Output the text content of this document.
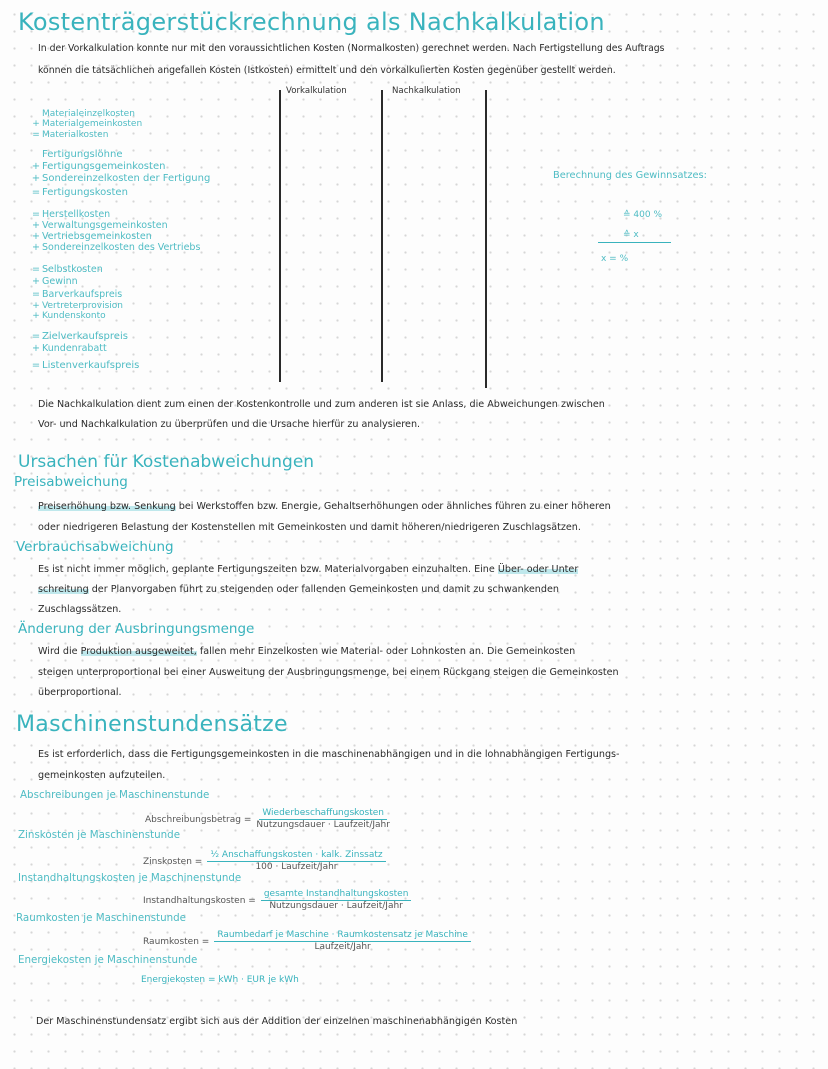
Kostenträgerstückrechnung als Nachkalkulation
In der Vorkalkulation konnte nur mit den voraussichtlichen Kosten (Normalkosten) gerechnet werden. Nach Fertigstellung des Auftrags
können die tatsächlichen angefallen Kosten (Istkosten) ermittelt und den vorkalkulierten Kosten gegenüber gestellt werden.
Vorkalkulation	Nachkalkulation
Materialeinzelkosten
+ Materialgemeinkosten
= Materialkosten
Fertigungslöhne
+ Fertigungsgemeinkosten
+ Sondereinzelkosten der Fertigung
= Fertigungskosten
= Herstellkosten
+ Verwaltungsgemeinkosten
+ Vertriebsgemeinkosten
+ Sondereinzelkosten des Vertriebs
= Selbstkosten
+ Gewinn
= Barverkaufspreis
+ Vertreterprovision
+ Kundenskonto
= Zielverkaufspreis
+ Kundenrabatt
= Listenverkaufspreis
Berechnung des Gewinnsatzes:
≙ 400 %
≙ x
x = %
Die Nachkalkulation dient zum einen der Kostenkontrolle und zum anderen ist sie Anlass, die Abweichungen zwischen
Vor- und Nachkalkulation zu überprüfen und die Ursache hierfür zu analysieren.
Ursachen für Kostenabweichungen
Preisabweichung
Preiserhöhung bzw. Senkung bei Werkstoffen bzw. Energie, Gehaltserhöhungen oder ähnliches führen zu einer höheren
oder niedrigeren Belastung der Kostenstellen mit Gemeinkosten und damit höheren/niedrigeren Zuschlagsätzen.
Verbrauchsabweichung
Es ist nicht immer möglich, geplante Fertigungszeiten bzw. Materialvorgaben einzuhalten. Eine Über- oder Unter
schreitung der Planvorgaben führt zu steigenden oder fallenden Gemeinkosten und damit zu schwankenden
Zuschlagssätzen.
Änderung der Ausbringungsmenge
Wird die Produktion ausgeweitet, fallen mehr Einzelkosten wie Material- oder Lohnkosten an. Die Gemeinkosten
steigen unterproportional bei einer Ausweitung der Ausbringungsmenge, bei einem Rückgang steigen die Gemeinkosten
überproportional.
Maschinenstundensätze
Es ist erforderlich, dass die Fertigungsgemeinkosten in die maschinenabhängigen und in die lohnabhängigen Fertigungs-
gemeinkosten aufzuteilen.
Abschreibungen je Maschinenstunde
Abschreibungsbetrag = $\frac{\text{Wiederbeschaffungskosten}}{\text{Nutzungsdauer · Laufzeit/Jahr}}$
Zinskosten je Maschinenstunde
Zinskosten = $\frac{\text{½ Anschaffungskosten · kalk. Zinssatz}}{\text{100 · Laufzeit/Jahr}}$
Instandhaltungskosten je Maschinenstunde
Instandhaltungskosten = $\frac{\text{gesamte Instandhaltungskosten}}{\text{Nutzungsdauer · Laufzeit/Jahr}}$
Raumkosten je Maschinenstunde
Raumkosten = $\frac{\text{Raumbedarf je Maschine · Raumkostensatz je Maschine}}{\text{Laufzeit/Jahr}}$
Energiekosten je Maschinenstunde
Energiekosten = kWh · EUR je kWh
Der Maschinenstundensatz ergibt sich aus der Addition der einzelnen maschinenabhängigen Kosten
